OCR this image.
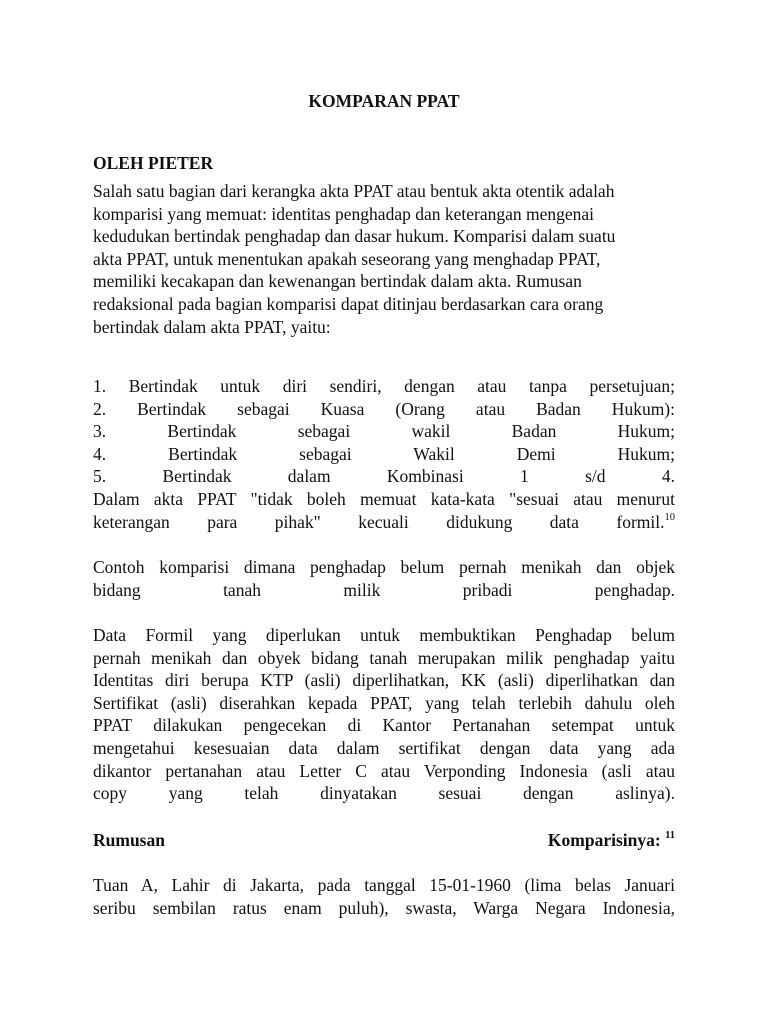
KOMPARAN PPAT
OLEH PIETER
Salah satu bagian dari kerangka akta PPAT atau bentuk akta otentik adalah
komparisi yang memuat: identitas penghadap dan keterangan mengenai
kedudukan bertindak penghadap dan dasar hukum. Komparisi dalam suatu
akta PPAT, untuk menentukan apakah seseorang yang menghadap PPAT,
memiliki kecakapan dan kewenangan bertindak dalam akta. Rumusan
redaksional pada bagian komparisi dapat ditinjau berdasarkan cara orang
bertindak dalam akta PPAT, yaitu:
1. Bertindak untuk diri sendiri, dengan atau tanpa persetujuan;
2. Bertindak sebagai Kuasa (Orang atau Badan Hukum):
3. Bertindak sebagai wakil Badan Hukum;
4. Bertindak sebagai Wakil Demi Hukum;
5. Bertindak dalam Kombinasi 1 s/d 4.
Dalam akta PPAT "tidak boleh memuat kata-kata "sesuai atau menurut
keterangan para pihak" kecuali didukung data formil.$^{10}$
Contoh komparisi dimana penghadap belum pernah menikah dan objek
bidang tanah milik pribadi penghadap.
Data Formil yang diperlukan untuk membuktikan Penghadap belum
pernah menikah dan obyek bidang tanah merupakan milik penghadap yaitu
Identitas diri berupa KTP (asli) diperlihatkan, KK (asli) diperlihatkan dan
Sertifikat (asli) diserahkan kepada PPAT, yang telah terlebih dahulu oleh
PPAT dilakukan pengecekan di Kantor Pertanahan setempat untuk
mengetahui kesesuaian data dalam sertifikat dengan data yang ada
dikantor pertanahan atau Letter C atau Verponding Indonesia (asli atau
copy yang telah dinyatakan sesuai dengan aslinya).
Rumusan	Komparisinya: $^{11}$
Tuan A, Lahir di Jakarta, pada tanggal 15-01-1960 (lima belas Januari
seribu sembilan ratus enam puluh), swasta, Warga Negara Indonesia,
